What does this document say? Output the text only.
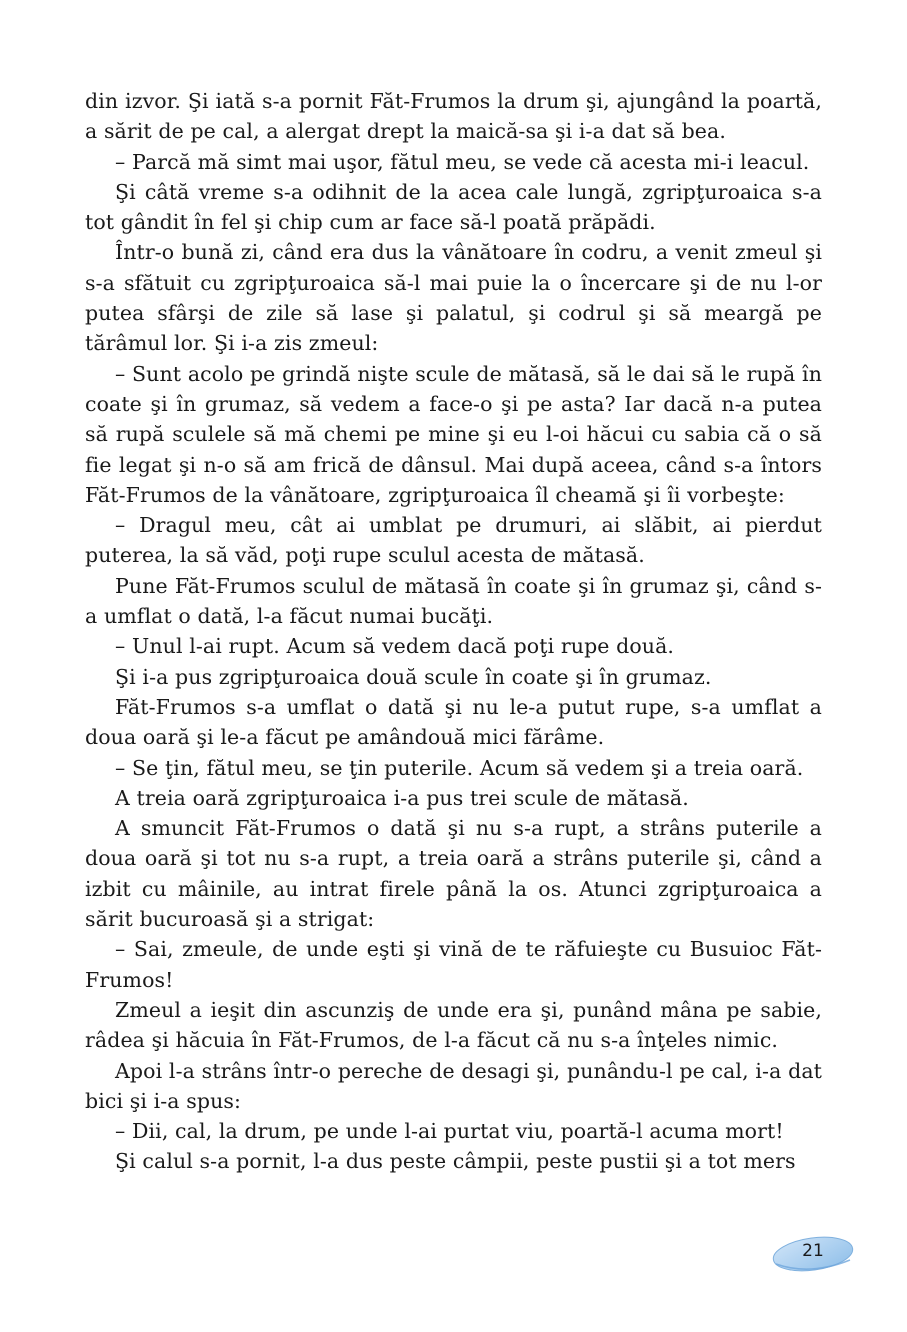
din izvor. Şi iată s-a pornit Făt-Frumos la drum şi, ajungând la poartă, a sărit de pe cal, a alergat drept la maică-sa şi i-a dat să bea.

– Parcă mă simt mai uşor, fătul meu, se vede că acesta mi-i leacul.

Şi câtă vreme s-a odihnit de la acea cale lungă, zgripţuroaica s-a tot gândit în fel şi chip cum ar face să-l poată prăpădi.

Într-o bună zi, când era dus la vânătoare în codru, a venit zmeul şi s-a sfătuit cu zgripţuroaica să-l mai puie la o încercare şi de nu l-or putea sfârşi de zile să lase şi palatul, şi codrul şi să meargă pe tărâmul lor. Şi i-a zis zmeul:

– Sunt acolo pe grindă nişte scule de mătasă, să le dai să le rupă în coate şi în grumaz, să vedem a face-o şi pe asta? Iar dacă n-a putea să rupă sculele să mă chemi pe mine şi eu l-oi hăcui cu sabia că o să fie legat şi n-o să am frică de dânsul. Mai după aceea, când s-a întors Făt-Frumos de la vânătoare, zgripţuroaica îl cheamă şi îi vorbeşte:

– Dragul meu, cât ai umblat pe drumuri, ai slăbit, ai pierdut puterea, la să văd, poţi rupe sculul acesta de mătasă.

Pune Făt-Frumos sculul de mătasă în coate şi în grumaz şi, când s-a umflat o dată, l-a făcut numai bucăţi.

– Unul l-ai rupt. Acum să vedem dacă poţi rupe două.

Şi i-a pus zgripţuroaica două scule în coate şi în grumaz.

Făt-Frumos s-a umflat o dată şi nu le-a putut rupe, s-a umflat a doua oară şi le-a făcut pe amândouă mici fărâme.

– Se ţin, fătul meu, se ţin puterile. Acum să vedem şi a treia oară.

A treia oară zgripţuroaica i-a pus trei scule de mătasă.

A smuncit Făt-Frumos o dată şi nu s-a rupt, a strâns puterile a doua oară şi tot nu s-a rupt, a treia oară a strâns puterile şi, când a izbit cu mâinile, au intrat firele până la os. Atunci zgripţuroaica a sărit bucuroasă şi a strigat:

– Sai, zmeule, de unde eşti şi vină de te răfuieşte cu Busuioc Făt-Frumos!

Zmeul a ieşit din ascunziş de unde era şi, punând mâna pe sabie, râdea şi hăcuia în Făt-Frumos, de l-a făcut că nu s-a înţeles nimic.

Apoi l-a strâns într-o pereche de desagi şi, punându-l pe cal, i-a dat bici şi i-a spus:

– Dii, cal, la drum, pe unde l-ai purtat viu, poartă-l acuma mort!

Şi calul s-a pornit, l-a dus peste câmpii, peste pustii şi a tot mers

21
